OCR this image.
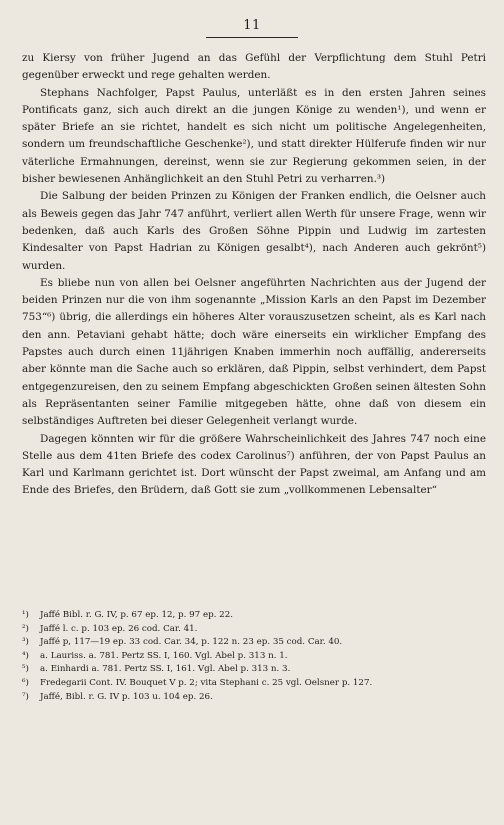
11

zu Kiersy von früher Jugend an das Gefühl der Verpflichtung dem Stuhl Petri gegenüber erweckt und rege gehalten werden.

Stephans Nachfolger, Papst Paulus, unterläßt es in den ersten Jahren seines Pontificats ganz, sich auch direkt an die jungen Könige zu wenden¹), und wenn er später Briefe an sie richtet, handelt es sich nicht um politische Angelegenheiten, sondern um freundschaftliche Geschenke²), und statt direkter Hülferufe finden wir nur väterliche Ermahnungen, dereinst, wenn sie zur Regierung gekommen seien, in der bisher bewiesenen Anhänglichkeit an den Stuhl Petri zu verharren.³)

Die Salbung der beiden Prinzen zu Königen der Franken endlich, die Oelsner auch als Beweis gegen das Jahr 747 anführt, verliert allen Werth für unsere Frage, wenn wir bedenken, daß auch Karls des Großen Söhne Pippin und Ludwig im zartesten Kindesalter von Papst Hadrian zu Königen gesalbt⁴), nach Anderen auch gekrönt⁵) wurden.

Es bliebe nun von allen bei Oelsner angeführten Nachrichten aus der Jugend der beiden Prinzen nur die von ihm sogenannte „Mission Karls an den Papst im Dezember 753“⁶) übrig, die allerdings ein höheres Alter vorauszusetzen scheint, als es Karl nach den ann. Petaviani gehabt hätte; doch wäre einerseits ein wirklicher Empfang des Papstes auch durch einen 11jährigen Knaben immerhin noch auffällig, andererseits aber könnte man die Sache auch so erklären, daß Pippin, selbst verhindert, dem Papst entgegenzureisen, den zu seinem Empfang abgeschickten Großen seinen ältesten Sohn als Repräsentanten seiner Familie mitgegeben hätte, ohne daß von diesem ein selbständiges Auftreten bei dieser Gelegenheit verlangt wurde.

Dagegen könnten wir für die größere Wahrscheinlichkeit des Jahres 747 noch eine Stelle aus dem 41ten Briefe des codex Carolinus⁷) anführen, der von Papst Paulus an Karl und Karlmann gerichtet ist. Dort wünscht der Papst zweimal, am Anfang und am Ende des Briefes, den Brüdern, daß Gott sie zum „vollkommenen Lebensalter“

¹)	Jaffé Bibl. r. G. IV, p. 67 ep. 12, p. 97 ep. 22.
²)	Jaffé l. c. p. 103 ep. 26 cod. Car. 41.
³)	Jaffé p, 117—19 ep. 33 cod. Car. 34, p. 122 n. 23 ep. 35 cod. Car. 40.
⁴)	a. Lauriss. a. 781. Pertz SS. I, 160. Vgl. Abel p. 313 n. 1.
⁵)	a. Einhardi a. 781. Pertz SS. I, 161. Vgl. Abel p. 313 n. 3.
⁶)	Fredegarii Cont. IV. Bouquet V p. 2; vita Stephani c. 25 vgl. Oelsner p. 127.
⁷)	Jaffé, Bibl. r. G. IV p. 103 u. 104 ep. 26.
